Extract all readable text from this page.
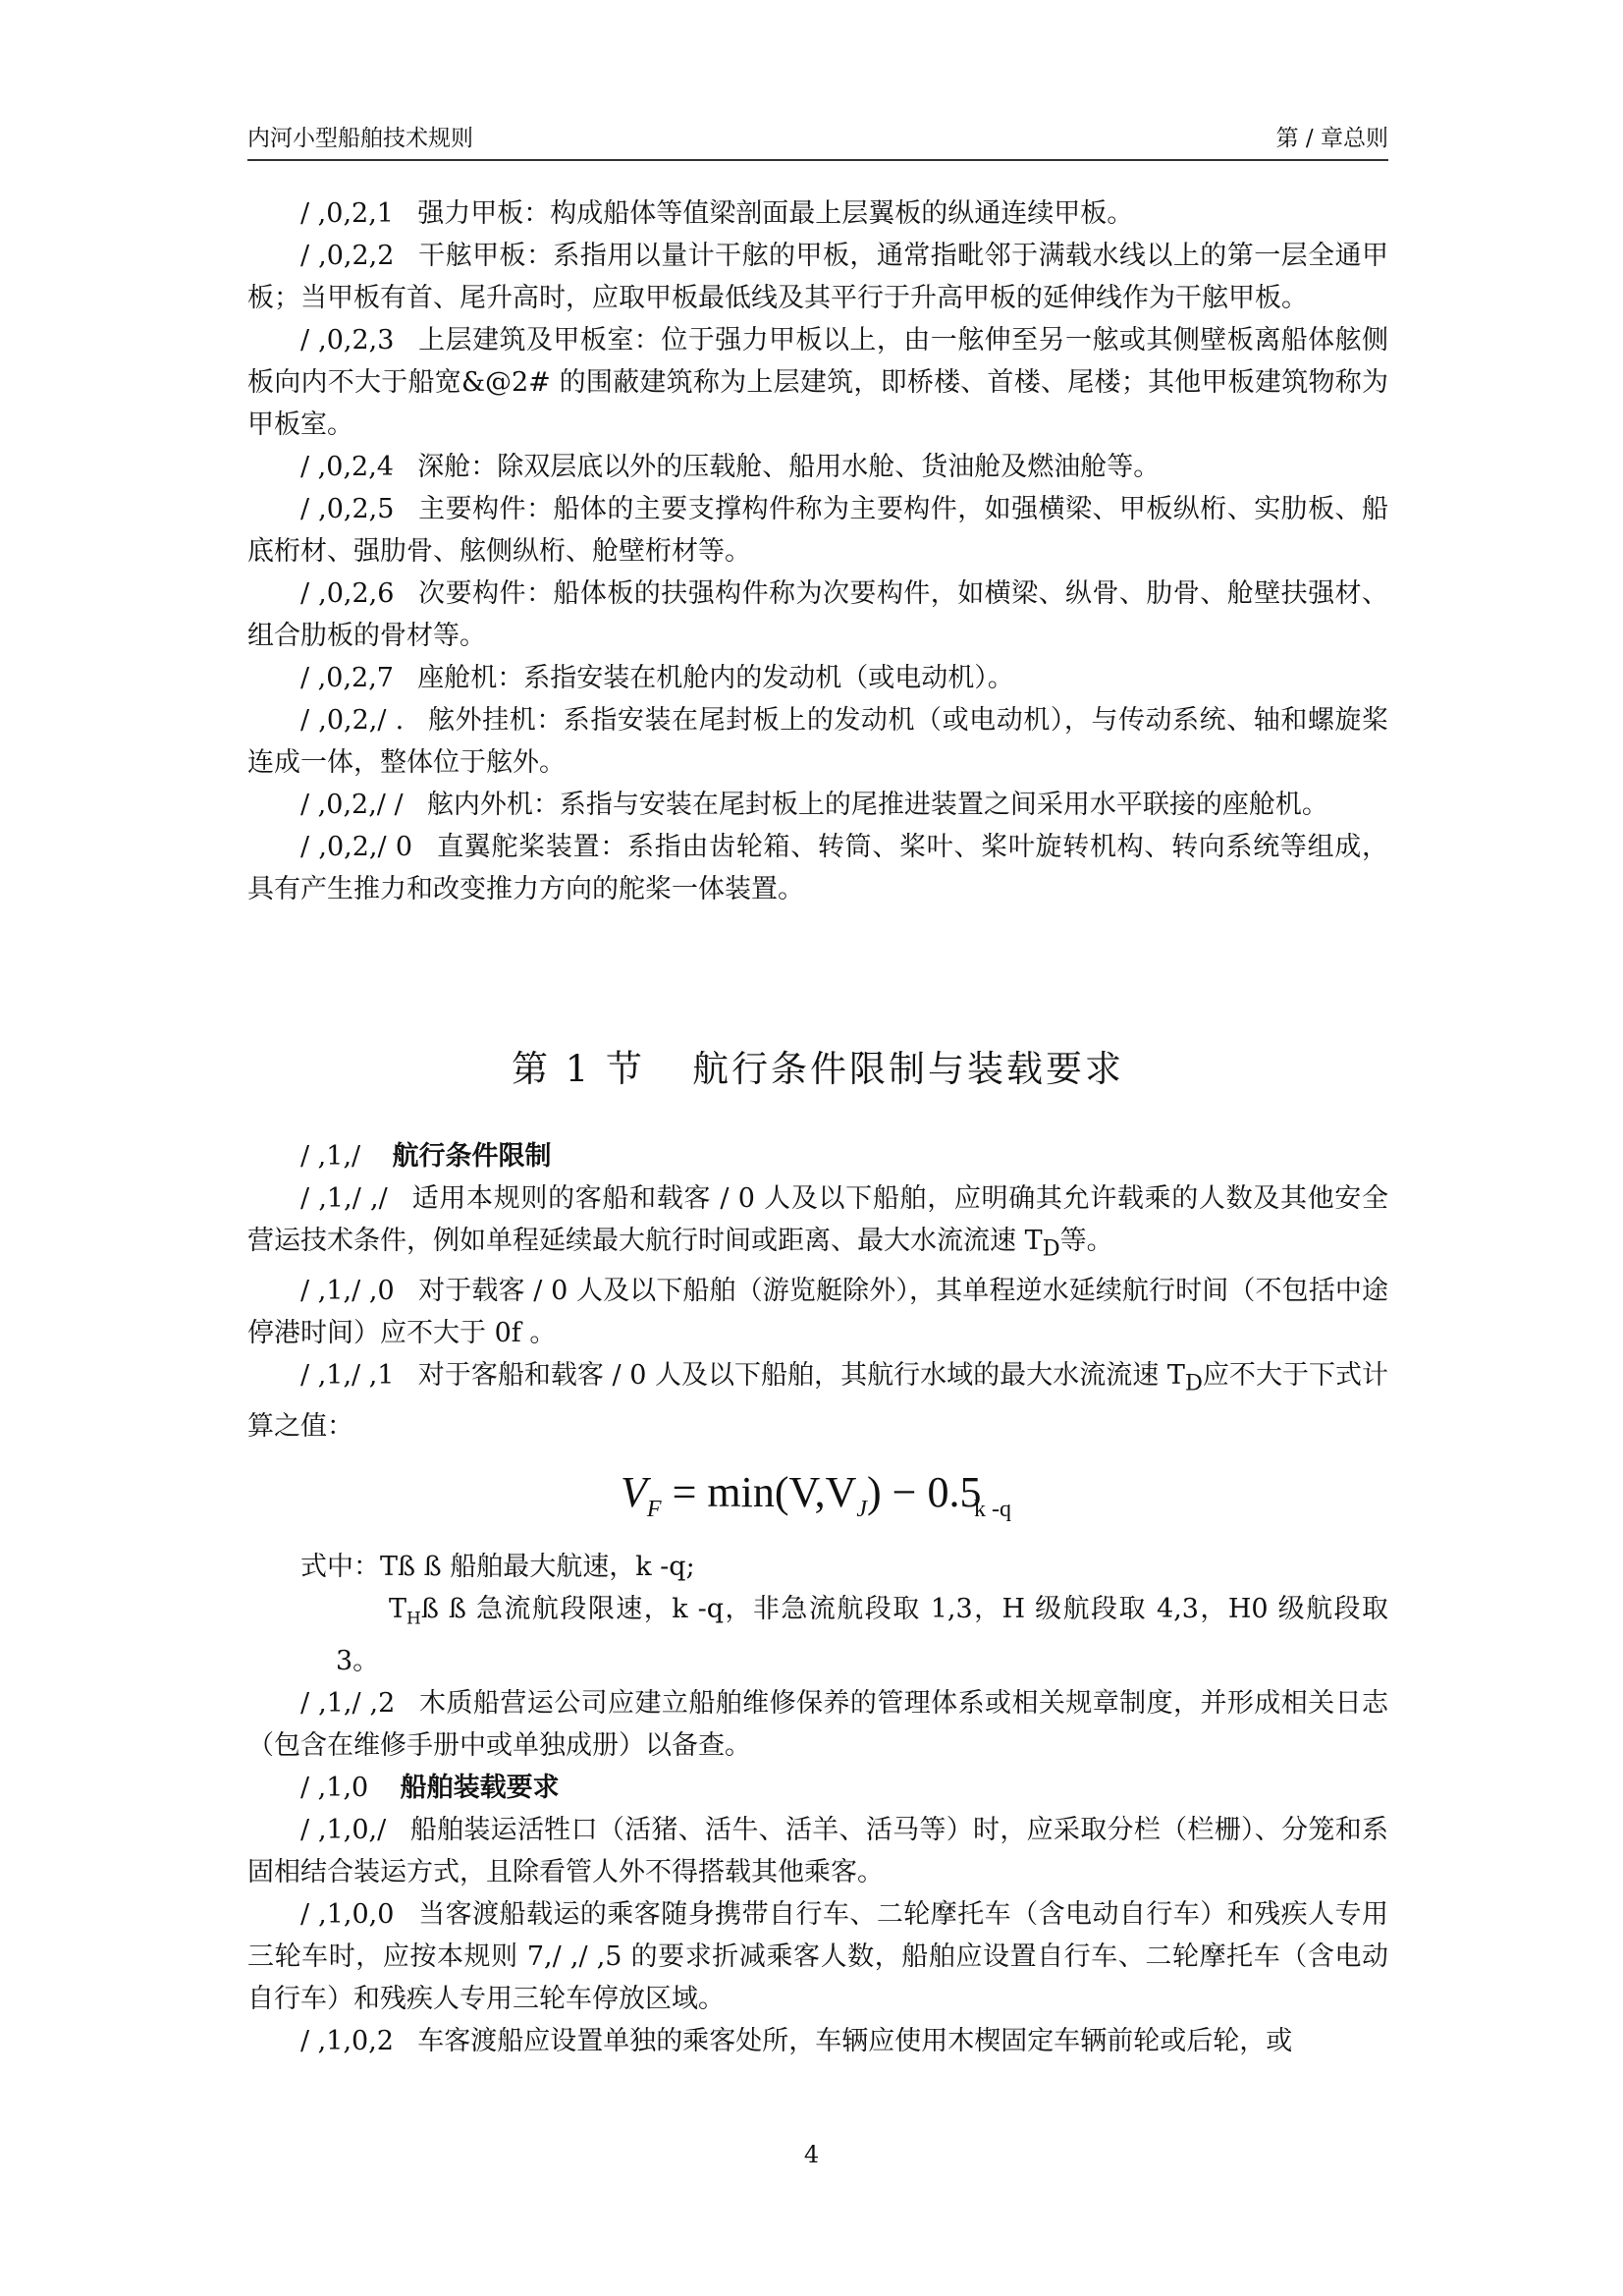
内河小型船舶技术规则	第 / 章总则

/ ,0,2,1 强力甲板：构成船体等值梁剖面最上层翼板的纵通连续甲板。

/ ,0,2,2 干舷甲板：系指用以量计干舷的甲板，通常指毗邻于满载水线以上的第一层全通甲板；当甲板有首、尾升高时，应取甲板最低线及其平行于升高甲板的延伸线作为干舷甲板。

/ ,0,2,3 上层建筑及甲板室：位于强力甲板以上，由一舷伸至另一舷或其侧壁板离船体舷侧板向内不大于船宽&@2# 的围蔽建筑称为上层建筑，即桥楼、首楼、尾楼；其他甲板建筑物称为甲板室。

/ ,0,2,4 深舱：除双层底以外的压载舱、船用水舱、货油舱及燃油舱等。

/ ,0,2,5 主要构件：船体的主要支撑构件称为主要构件，如强横梁、甲板纵桁、实肋板、船底桁材、强肋骨、舷侧纵桁、舱壁桁材等。

/ ,0,2,6 次要构件：船体板的扶强构件称为次要构件，如横梁、纵骨、肋骨、舱壁扶强材、组合肋板的骨材等。

/ ,0,2,7 座舱机：系指安装在机舱内的发动机（或电动机）。

/ ,0,2,/ . 舷外挂机：系指安装在尾封板上的发动机（或电动机），与传动系统、轴和螺旋桨连成一体，整体位于舷外。

/ ,0,2,/ / 舷内外机：系指与安装在尾封板上的尾推进装置之间采用水平联接的座舱机。

/ ,0,2,/ 0 直翼舵桨装置：系指由齿轮箱、转筒、桨叶、桨叶旋转机构、转向系统等组成，具有产生推力和改变推力方向的舵桨一体装置。

第 1 节 航行条件限制与装载要求

/ ,1,/ 航行条件限制

/ ,1,/ ,/ 适用本规则的客船和载客 / 0 人及以下船舶，应明确其允许载乘的人数及其他安全营运技术条件，例如单程延续最大航行时间或距离、最大水流流速 $T_D$等。

/ ,1,/ ,0 对于载客 / 0 人及以下船舶（游览艇除外），其单程逆水延续航行时间（不包括中途停港时间）应不大于 0f 。

/ ,1,/ ,1 对于客船和载客 / 0 人及以下船舶，其航行水域的最大水流流速 $T_D$应不大于下式计算之值：

$V_F = \min(V,V_J) - 0.5$
k -q

式中：Tß ß 船舶最大航速，k -q;

$T_Hß$ ß 急流航段限速，k -q，非急流航段取 1,3，H 级航段取 4,3，H0 级航段取 3。

/ ,1,/ ,2 木质船营运公司应建立船舶维修保养的管理体系或相关规章制度，并形成相关日志（包含在维修手册中或单独成册）以备查。

/ ,1,0 船舶装载要求

/ ,1,0,/ 船舶装运活牲口（活猪、活牛、活羊、活马等）时，应采取分栏（栏栅）、分笼和系固相结合装运方式，且除看管人外不得搭载其他乘客。

/ ,1,0,0 当客渡船载运的乘客随身携带自行车、二轮摩托车（含电动自行车）和残疾人专用三轮车时，应按本规则 7,/ ,/ ,5 的要求折减乘客人数，船舶应设置自行车、二轮摩托车（含电动自行车）和残疾人专用三轮车停放区域。

/ ,1,0,2 车客渡船应设置单独的乘客处所，车辆应使用木楔固定车辆前轮或后轮，或

4
